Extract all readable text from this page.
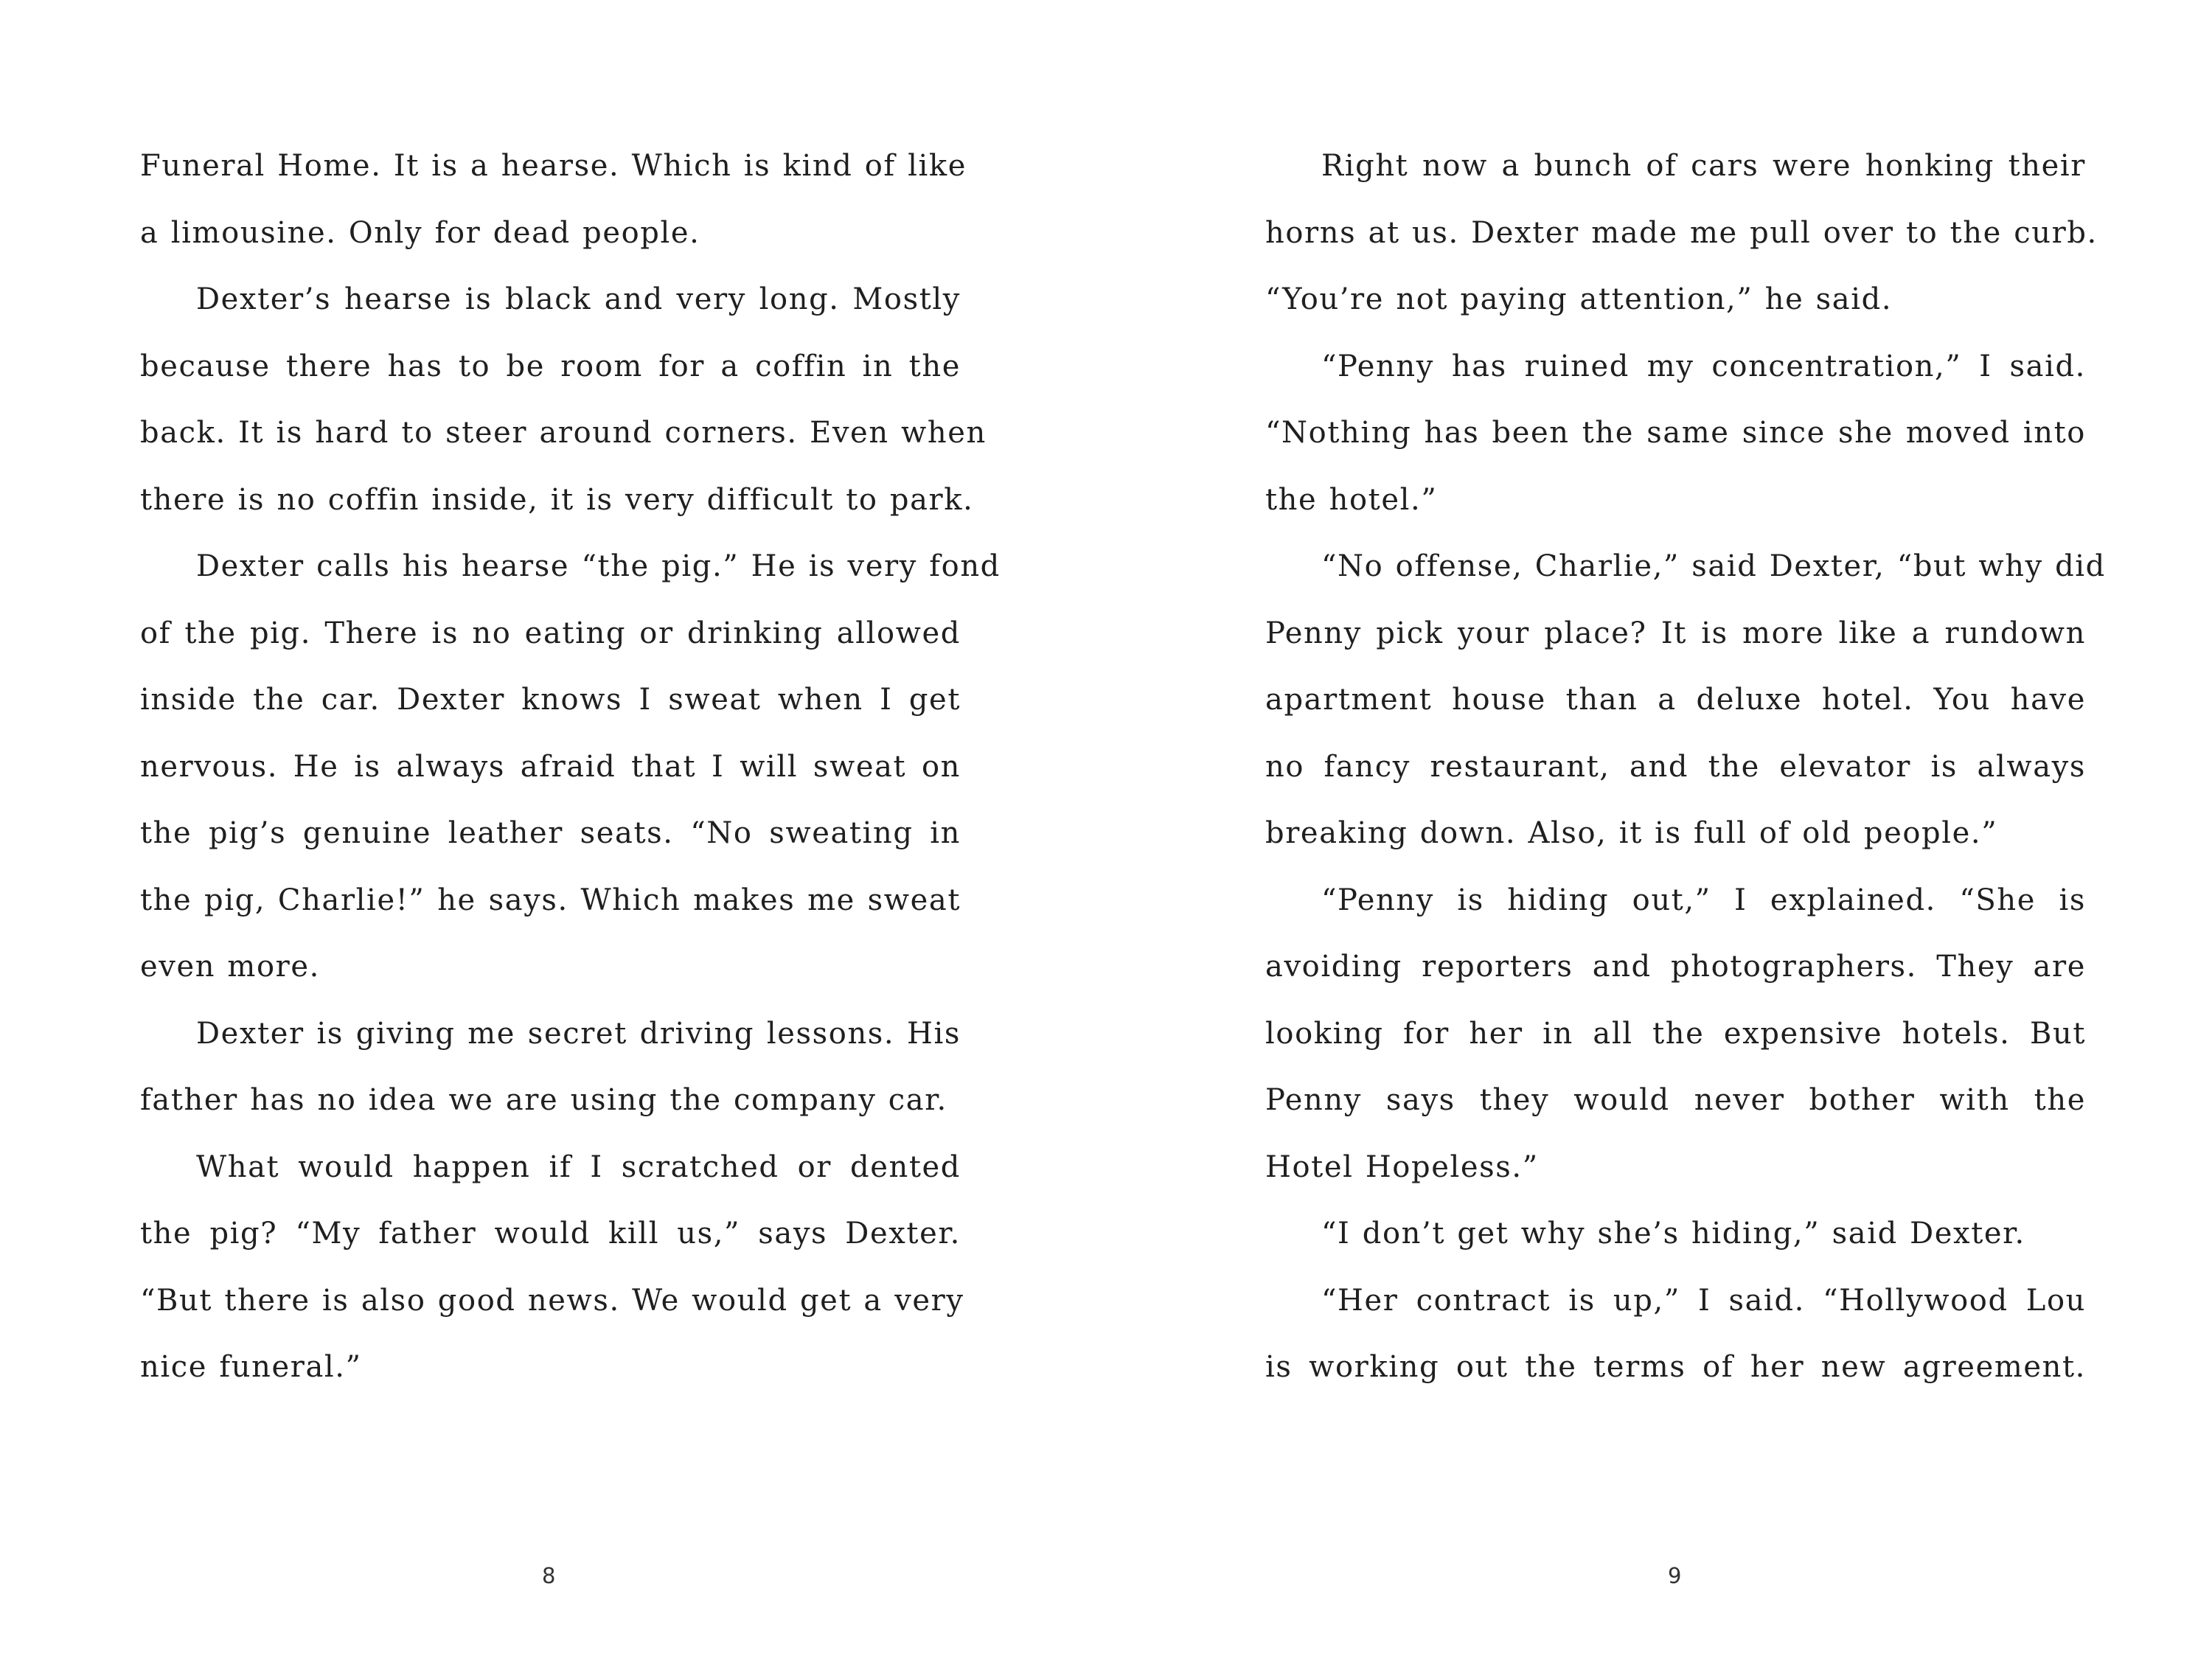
Funeral Home. It is a hearse. Which is kind of like
a limousine. Only for dead people.

Dexter’s hearse is black and very long. Mostly
because there has to be room for a coffin in the
back. It is hard to steer around corners. Even when
there is no coffin inside, it is very difficult to park.

Dexter calls his hearse “the pig.” He is very fond
of the pig. There is no eating or drinking allowed
inside the car. Dexter knows I sweat when I get
nervous. He is always afraid that I will sweat on
the pig’s genuine leather seats. “No sweating in
the pig, Charlie!” he says. Which makes me sweat
even more.

Dexter is giving me secret driving lessons. His
father has no idea we are using the company car.

What would happen if I scratched or dented
the pig? “My father would kill us,” says Dexter.
“But there is also good news. We would get a very
nice funeral.”

8

Right now a bunch of cars were honking their
horns at us. Dexter made me pull over to the curb.
“You’re not paying attention,” he said.

“Penny has ruined my concentration,” I said.
“Nothing has been the same since she moved into
the hotel.”

“No offense, Charlie,” said Dexter, “but why did
Penny pick your place? It is more like a rundown
apartment house than a deluxe hotel. You have
no fancy restaurant, and the elevator is always
breaking down. Also, it is full of old people.”

“Penny is hiding out,” I explained. “She is
avoiding reporters and photographers. They are
looking for her in all the expensive hotels. But
Penny says they would never bother with the
Hotel Hopeless.”

“I don’t get why she’s hiding,” said Dexter.

“Her contract is up,” I said. “Hollywood Lou
is working out the terms of her new agreement.

9
